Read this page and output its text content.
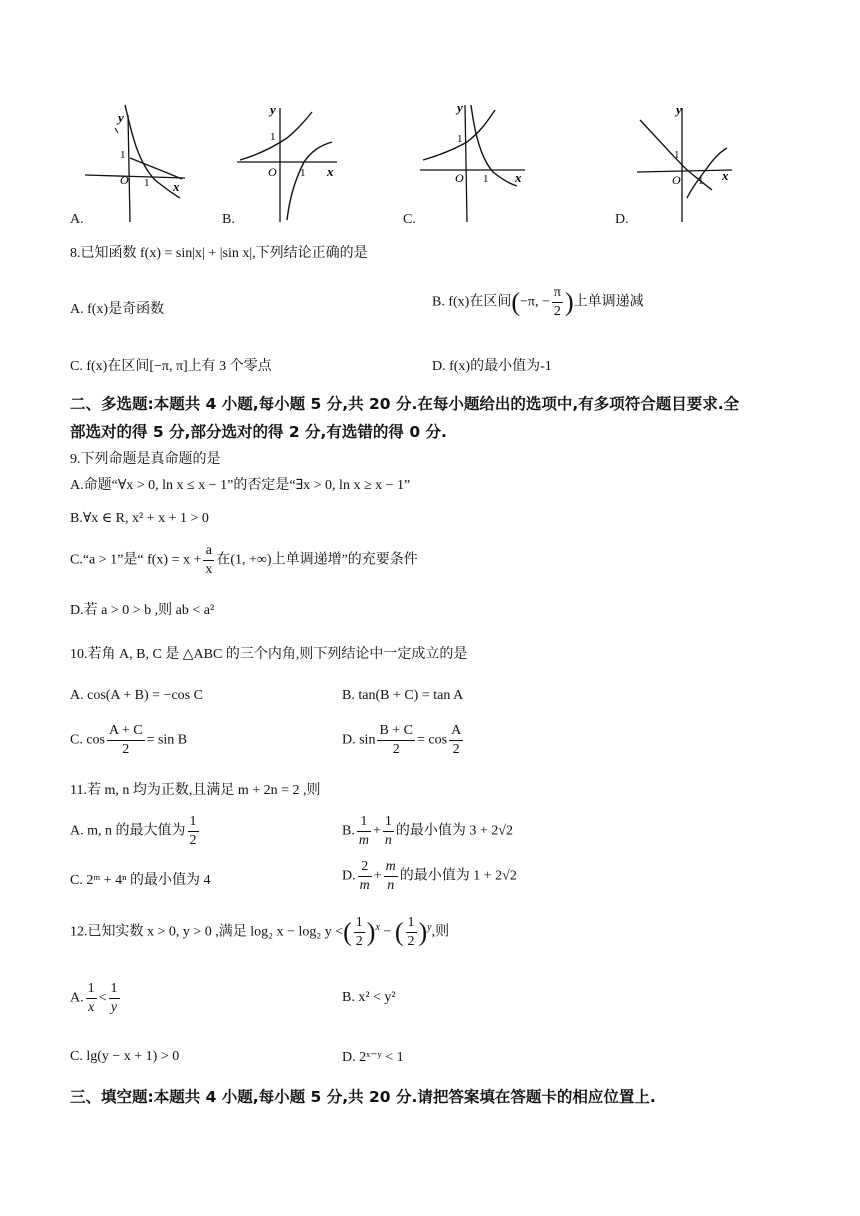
y
1
O 1 x
A.
y
1
O 1 x
B.
y
1
O 1 x
C.
y
1
O 1 x
D.
8.已知函数 f(x) = sin|x| + |sin x|,下列结论正确的是
A. f(x)是奇函数	B. f(x)在区间(−π, − $\frac{\pi}{2}$ )上单调递减
C. f(x)在区间[−π, π]上有 3 个零点	D. f(x)的最小值为-1
二、多选题:本题共 4 小题,每小题 5 分,共 20 分.在每小题给出的选项中,有多项符合题目要求.全
部选对的得 5 分,部分选对的得 2 分,有选错的得 0 分.
9.下列命题是真命题的是
A.命题“∀x > 0, ln x ≤ x − 1”的否定是“∃x > 0, ln x ≥ x − 1”
B.∀x ∈ R, x² + x + 1 > 0
C.“a > 1”是“ $f(x) = x + \frac{a}{x}$ 在(1, +∞)上单调递增”的充要条件
D.若 a > 0 > b ,则 ab < a²
10.若角 A, B, C 是 △ABC 的三个内角,则下列结论中一定成立的是
A. cos(A + B) = −cos C	B. tan(B + C) = tan A
C. $\cos \frac{A + C}{2} = \sin B$	D. $\sin \frac{B + C}{2} = \cos \frac{A}{2}$
11.若 m, n 均为正数,且满足 m + 2n = 2 ,则
A. m, n 的最大值为 $\frac{1}{2}$	B. $\frac{1}{m} + \frac{1}{n}$ 的最小值为 3 + 2√2
C. 2ᵐ + 4ⁿ 的最小值为 4	D. $\frac{2}{m} + \frac{m}{n}$ 的最小值为 1 + 2√2
12.已知实数 x > 0, y > 0 ,满足 log₂ x − log₂ y <( $\frac{1}{2} )^x$ − ( $\frac{1}{2} )^y$,则
A. $\frac{1}{x} < \frac{1}{y}$	B. x² < y²
C. lg(y − x + 1) > 0	D. 2ˣ⁻ʸ < 1
三、填空题:本题共 4 小题,每小题 5 分,共 20 分.请把答案填在答题卡的相应位置上.
